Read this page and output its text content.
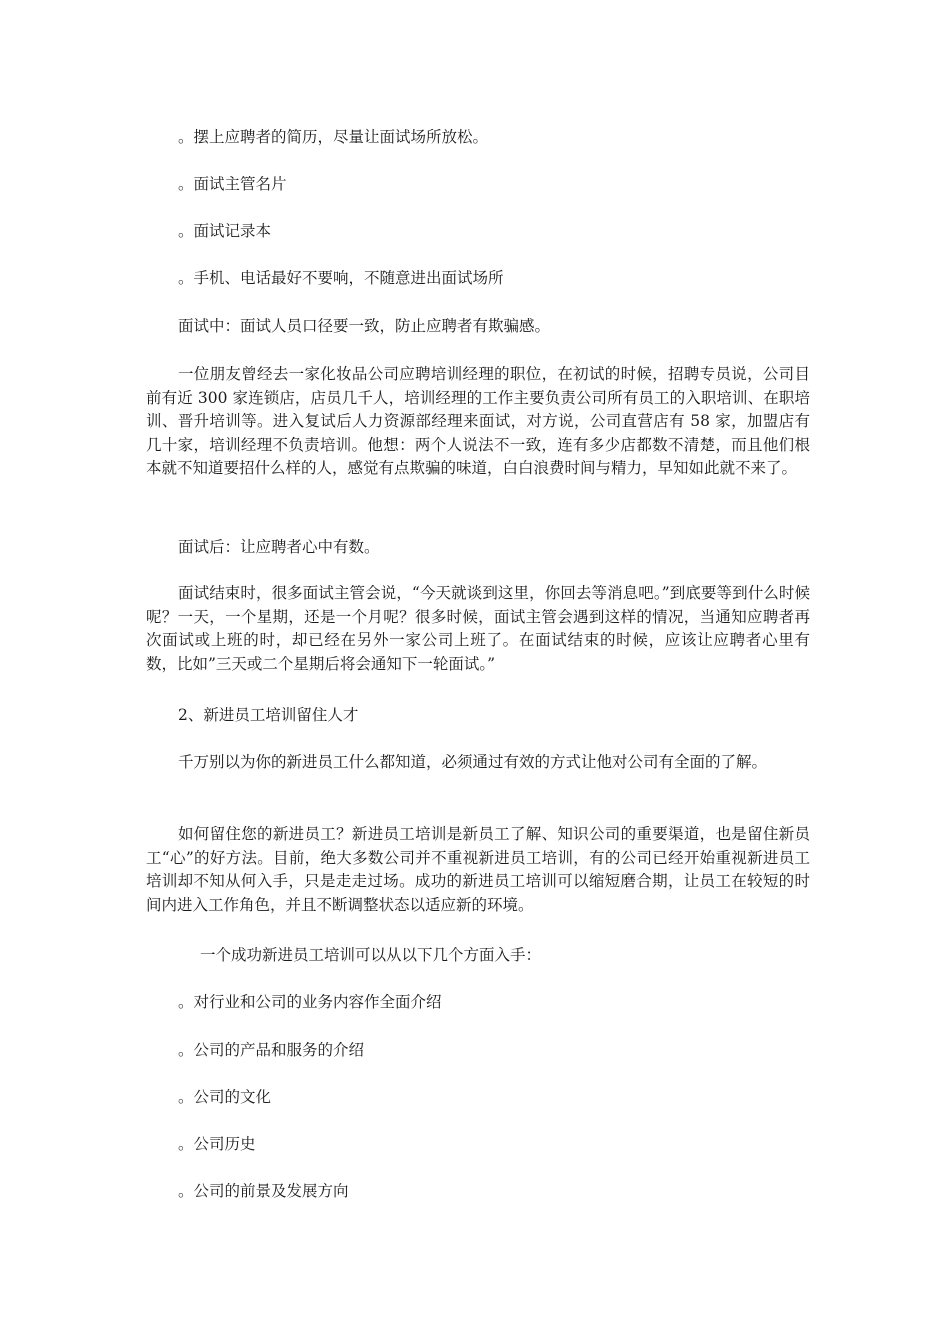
。摆上应聘者的简历，尽量让面试场所放松。

。面试主管名片

。面试记录本

。手机、电话最好不要响，不随意进出面试场所

面试中：面试人员口径要一致，防止应聘者有欺骗感。

一位朋友曾经去一家化妆品公司应聘培训经理的职位，在初试的时候，招聘专员说，公司目前有近 300 家连锁店，店员几千人，培训经理的工作主要负责公司所有员工的入职培训、在职培训、晋升培训等。进入复试后人力资源部经理来面试，对方说，公司直营店有 58 家，加盟店有几十家，培训经理不负责培训。他想：两个人说法不一致，连有多少店都数不清楚，而且他们根本就不知道要招什么样的人，感觉有点欺骗的味道，白白浪费时间与精力，早知如此就不来了。

面试后：让应聘者心中有数。

面试结束时，很多面试主管会说，“今天就谈到这里，你回去等消息吧。”到底要等到什么时候呢？一天，一个星期，还是一个月呢？很多时候，面试主管会遇到这样的情况，当通知应聘者再次面试或上班的时，却已经在另外一家公司上班了。在面试结束的时候，应该让应聘者心里有数，比如”三天或二个星期后将会通知下一轮面试。”

2、新进员工培训留住人才

千万别以为你的新进员工什么都知道，必须通过有效的方式让他对公司有全面的了解。

如何留住您的新进员工？新进员工培训是新员工了解、知识公司的重要渠道，也是留住新员工“心”的好方法。目前，绝大多数公司并不重视新进员工培训，有的公司已经开始重视新进员工培训却不知从何入手，只是走走过场。成功的新进员工培训可以缩短磨合期，让员工在较短的时间内进入工作角色，并且不断调整状态以适应新的环境。

一个成功新进员工培训可以从以下几个方面入手：

。对行业和公司的业务内容作全面介绍

。公司的产品和服务的介绍

。公司的文化

。公司历史

。公司的前景及发展方向
